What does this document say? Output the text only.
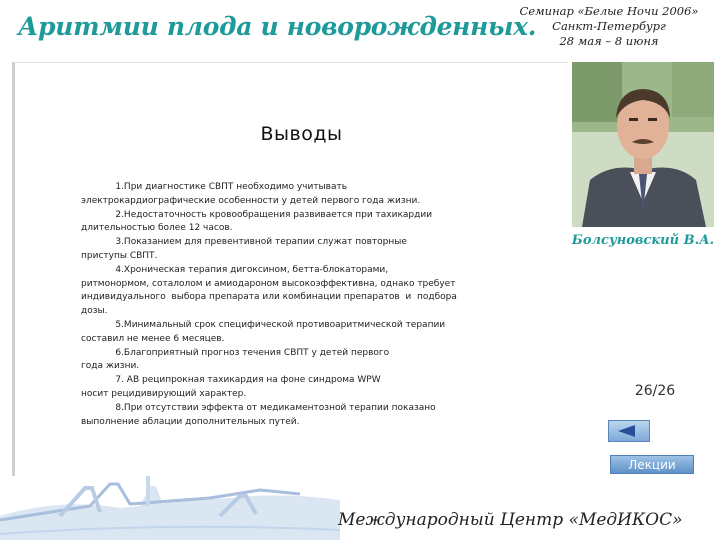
Аритмии плода и новорожденных.
Семинар «Белые Ночи 2006»
Санкт-Петербург
28 мая – 8 июня
Выводы
1.При диагностике СВПТ необходимо учитывать
электрокардиографические особенности у детей первого года жизни.
2.Недостаточность кровообращения развивается при тахикардии
длительностью более 12 часов.
3.Показанием для превентивной терапии служат повторные
приступы СВПТ.
4.Хроническая терапия дигоксином, бетта-блокаторами,
ритмонормом, соталолом и амиодароном высокоэффективна, однако требует
индивидуального  выбора препарата или комбинации препаратов  и  подбора
дозы.
5.Минимальный срок специфической противоаритмической терапии
составил не менее 6 месяцев.
6.Благоприятный прогноз течения СВПТ у детей первого
года жизни.
7. АВ реципрокная тахикардия на фоне синдрома WPW
носит рецидивирующий характер.
8.При отсутствии эффекта от медикаментозной терапии показано
выполнение аблации дополнительных путей.
Болсуновский В.А.
26/26
Лекции
Международный Центр «МедИКОС»
